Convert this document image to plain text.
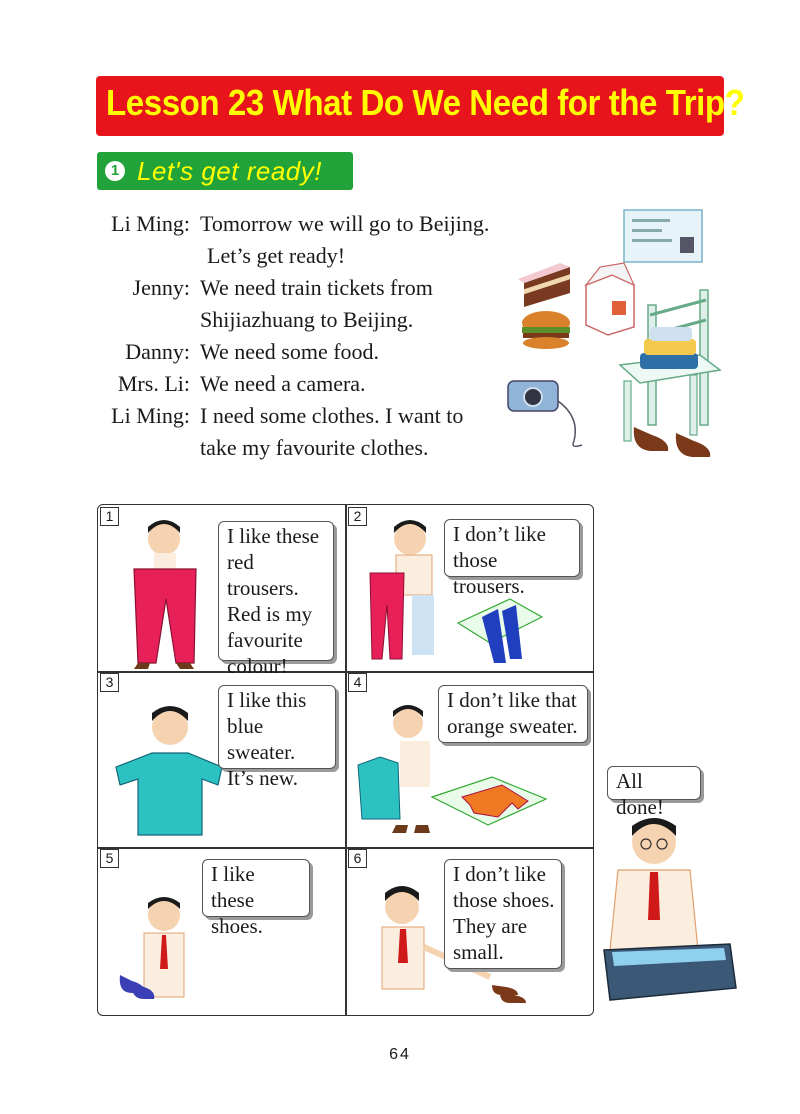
Lesson 23 What Do We Need for the Trip?
1 Let's get ready!
Li Ming: Tomorrow we will go to Beijing.
Let’s get ready!
Jenny: We need train tickets from
Shijiazhuang to Beijing.
Danny: We need some food.
Mrs. Li: We need a camera.
Li Ming: I need some clothes. I want to
take my favourite clothes.
1
I like these
red trousers.
Red is my
favourite
colour!
2
I don’t like
those trousers.
3
I like this
blue sweater.
It’s new.
4
I don’t like that
orange sweater.
5
I like these
shoes.
6
I don’t like
those shoes.
They are
small.
All done!
64
